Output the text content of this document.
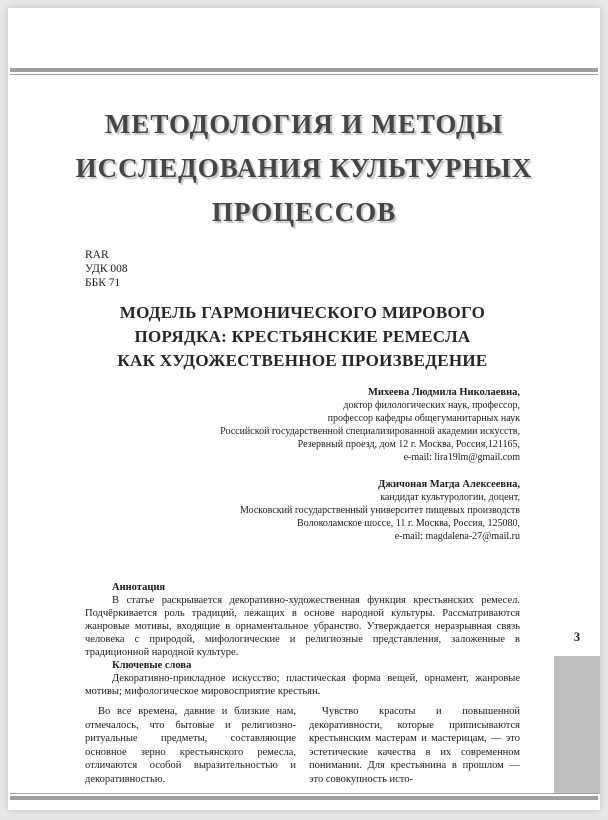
МЕТОДОЛОГИЯ И МЕТОДЫ
ИССЛЕДОВАНИЯ КУЛЬТУРНЫХ
ПРОЦЕССОВ
RAR
УДК 008
ББК 71
МОДЕЛЬ ГАРМОНИЧЕСКОГО МИРОВОГО
ПОРЯДКА: КРЕСТЬЯНСКИЕ РЕМЕСЛА
КАК ХУДОЖЕСТВЕННОЕ ПРОИЗВЕДЕНИЕ
Михеева Людмила Николаевна,
доктор филологических наук, профессор,
профессор кафедры общегуманитарных наук
Российской государственной специализированной академии искусств,
Резервный проезд, дом 12 г. Москва, Россия,121165,
e-mail: lira19lm@gmail.com
Джичоная Магда Алексеевна,
кандидат культурологии, доцент,
Московский государственный университет пищевых производств
Волоколамское шоссе, 11 г. Москва, Россия, 125080,
e-mail: magdalena-27@mail.ru

Аннотация

В статье раскрывается декоративно-художественная функция крестьянских ремесел. Подчёркивается роль традиций, лежащих в основе народной культуры. Рассматриваются жанровые мотивы, входящие в орнаментальное убранство. Утверждается неразрывная связь человека с природой, мифологические и религиозные представления, заложенные в традиционной народной культуре.

Ключевые слова

Декоративно-прикладное искусство; пластическая форма вещей, орнамент, жанровые мотивы; мифологическое мировосприятие крестьян.

Во все времена, давние и близкие нам, отмечалось, что бытовые и религиозно-ритуальные предметы, составляющие основное зерно крестьянского ремесла, отличаются особой выразительностью и декоративностью.

Чувство красоты и повышенной декоративности, которые приписываются крестьянским мастерам и мастерицам, — это эстетические качества в их современном понимании. Для крестьянина в прошлом — это совокупность исто-

3
